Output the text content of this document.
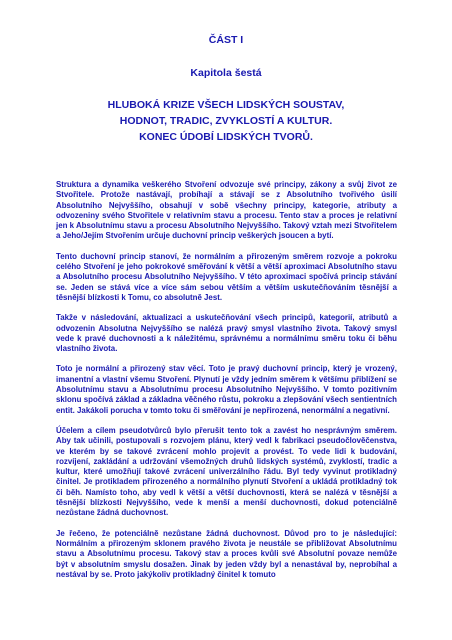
ČÁST I
Kapitola šestá
HLUBOKÁ KRIZE VŠECH LIDSKÝCH SOUSTAV,
HODNOT, TRADIC, ZVYKLOSTÍ A KULTUR.
KONEC ÚDOBÍ LIDSKÝCH TVORŮ.

Struktura a dynamika veškerého Stvoření odvozuje své principy, zákony a svůj život ze Stvořitele. Protože nastávají, probíhají a stávají se z Absolutního tvořivého úsilí Absolutního Nejvyššího, obsahují v sobě všechny principy, kategorie, atributy a odvozeniny svého Stvořitele v relativním stavu a procesu. Tento stav a proces je relativní jen k Absolutnímu stavu a procesu Absolutního Nejvyššího. Takový vztah mezi Stvořitelem a Jeho/Jejím Stvořením určuje duchovní princip veškerých jsoucen a bytí.

Tento duchovní princip stanoví, že normálním a přirozeným směrem rozvoje a pokroku celého Stvoření je jeho pokrokové směřování k větší a větší aproximaci Absolutního stavu a Absolutního procesu Absolutního Nejvyššího. V této aproximaci spočívá princip stávání se. Jeden se stává více a více sám sebou větším a větším uskutečňováním těsnější a těsnější blízkosti k Tomu, co absolutně Jest.

Takže v následování, aktualizaci a uskutečňování všech principů, kategorií, atributů a odvozenin Absolutna Nejvyššího se nalézá pravý smysl vlastního života. Takový smysl vede k pravé duchovnosti a k náležitému, správnému a normálnímu směru toku či běhu vlastního života.

Toto je normální a přirozený stav věcí. Toto je pravý duchovní princip, který je vrozený, imanentní a vlastní všemu Stvoření. Plynutí je vždy jedním směrem k většímu přiblížení se Absolutnímu stavu a Absolutnímu procesu Absolutního Nejvyššího. V tomto pozitivním sklonu spočívá základ a základna věčného růstu, pokroku a zlepšování všech sentientních entit. Jakákoli porucha v tomto toku či směřování je nepřirozená, nenormální a negativní.

Účelem a cílem pseudotvůrců bylo přerušit tento tok a zavést ho nesprávným směrem. Aby tak učinili, postupovali s rozvojem plánu, který vedl k fabrikaci pseudočlověčenstva, ve kterém by se takové zvrácení mohlo projevit a provést. To vede lidi k budování, rozvíjení, zakládání a udržování všemožných druhů lidských systémů, zvyklostí, tradic a kultur, které umožňují takové zvrácení univerzálního řádu. Byl tedy vyvinut protikladný činitel. Je protikladem přirozeného a normálního plynutí Stvoření a ukládá protikladný tok či běh. Namísto toho, aby vedl k větší a větší duchovnosti, která se nalézá v těsnější a těsnější blízkosti Nejvyššího, vede k menší a menší duchovnosti, dokud potenciálně nezůstane žádná duchovnost.

Je řečeno, že potenciálně nezůstane žádná duchovnost. Důvod pro to je následující: Normálním a přirozeným sklonem pravého života je neustále se přibližovat Absolutnímu stavu a Absolutnímu procesu. Takový stav a proces kvůli své Absolutní povaze nemůže být v absolutním smyslu dosažen. Jinak by jeden vždy byl a nenastával by, neprobíhal a nestával by se. Proto jakýkoliv protikladný činitel k tomuto
